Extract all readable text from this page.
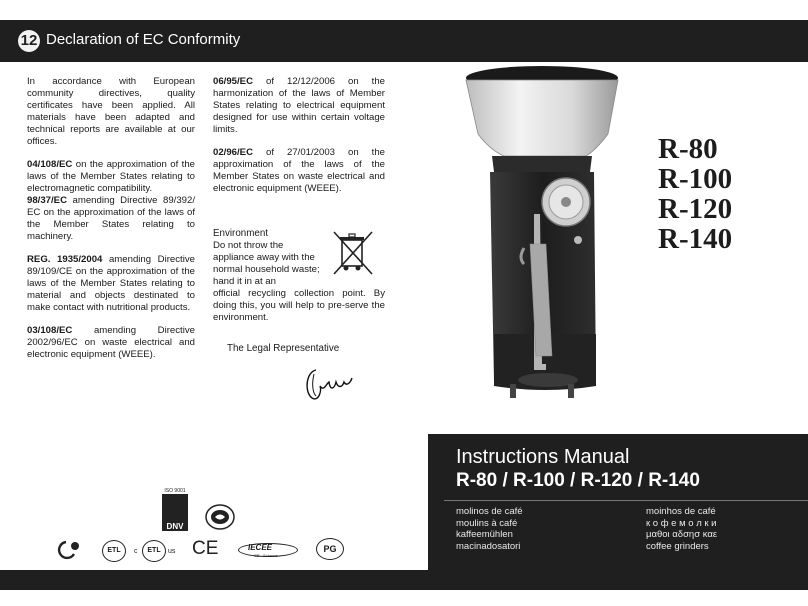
12 Declaration of EC Conformity

In accordance with European community directives, quality certificates have been applied. All materials have been adapted and technical reports are available at our offices.

04/108/EC on the approximation of the laws of the Member States relating to electromagnetic compatibility.

98/37/EC amending Directive 89/392/ EC on the approximation of the laws of the Member States relating to machinery.

REG. 1935/2004 amending Directive 89/109/CE on the approximation of the laws of the Member States relating to material and objects destinated to make contact with nutritional products.

03/108/EC amending Directive 2002/96/EC on waste electrical and electronic equipment (WEEE).

06/95/EC of 12/12/2006 on the harmonization of the laws of Member States relating to electrical equipment designed for use within certain voltage limits.

02/96/EC of 27/01/2003 on the approximation of the laws of the Member States on waste electrical and electronic equipment (WEEE).

Environment
Do not throw the appliance away with the normal household waste; hand it in at an
official recycling collection point. By doing this, you will help to pre-serve the environment.
The Legal Representative
R-80
R-100
R-120
R-140
Instructions Manual
R-80 / R-100 / R-120 / R-140
molinos de café
moulins à café
kaffeemühlen
macinadosatori
moinhos de café
к о ф е м о л к и
μαθοι αδσησ καε
coffee grinders
ISO 9001
DNV
ETL	c	ETL	us CE	IECEE
CB - Scheme
PG
